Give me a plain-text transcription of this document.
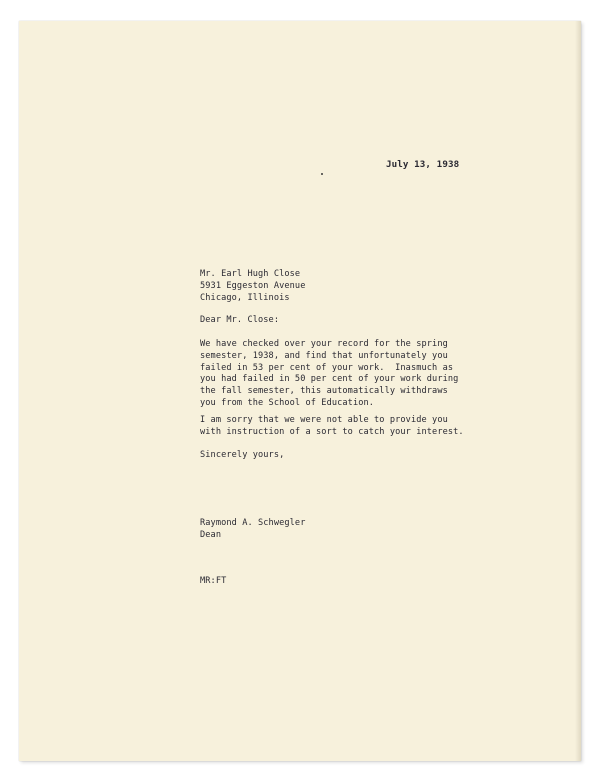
July 13, 1938
Mr. Earl Hugh Close
5931 Eggeston Avenue
Chicago, Illinois
Dear Mr. Close:
We have checked over your record for the spring
semester, 1938, and find that unfortunately you
failed in 53 per cent of your work.  Inasmuch as
you had failed in 50 per cent of your work during
the fall semester, this automatically withdraws
you from the School of Education.
I am sorry that we were not able to provide you
with instruction of a sort to catch your interest.
Sincerely yours,
Raymond A. Schwegler
Dean
MR:FT
